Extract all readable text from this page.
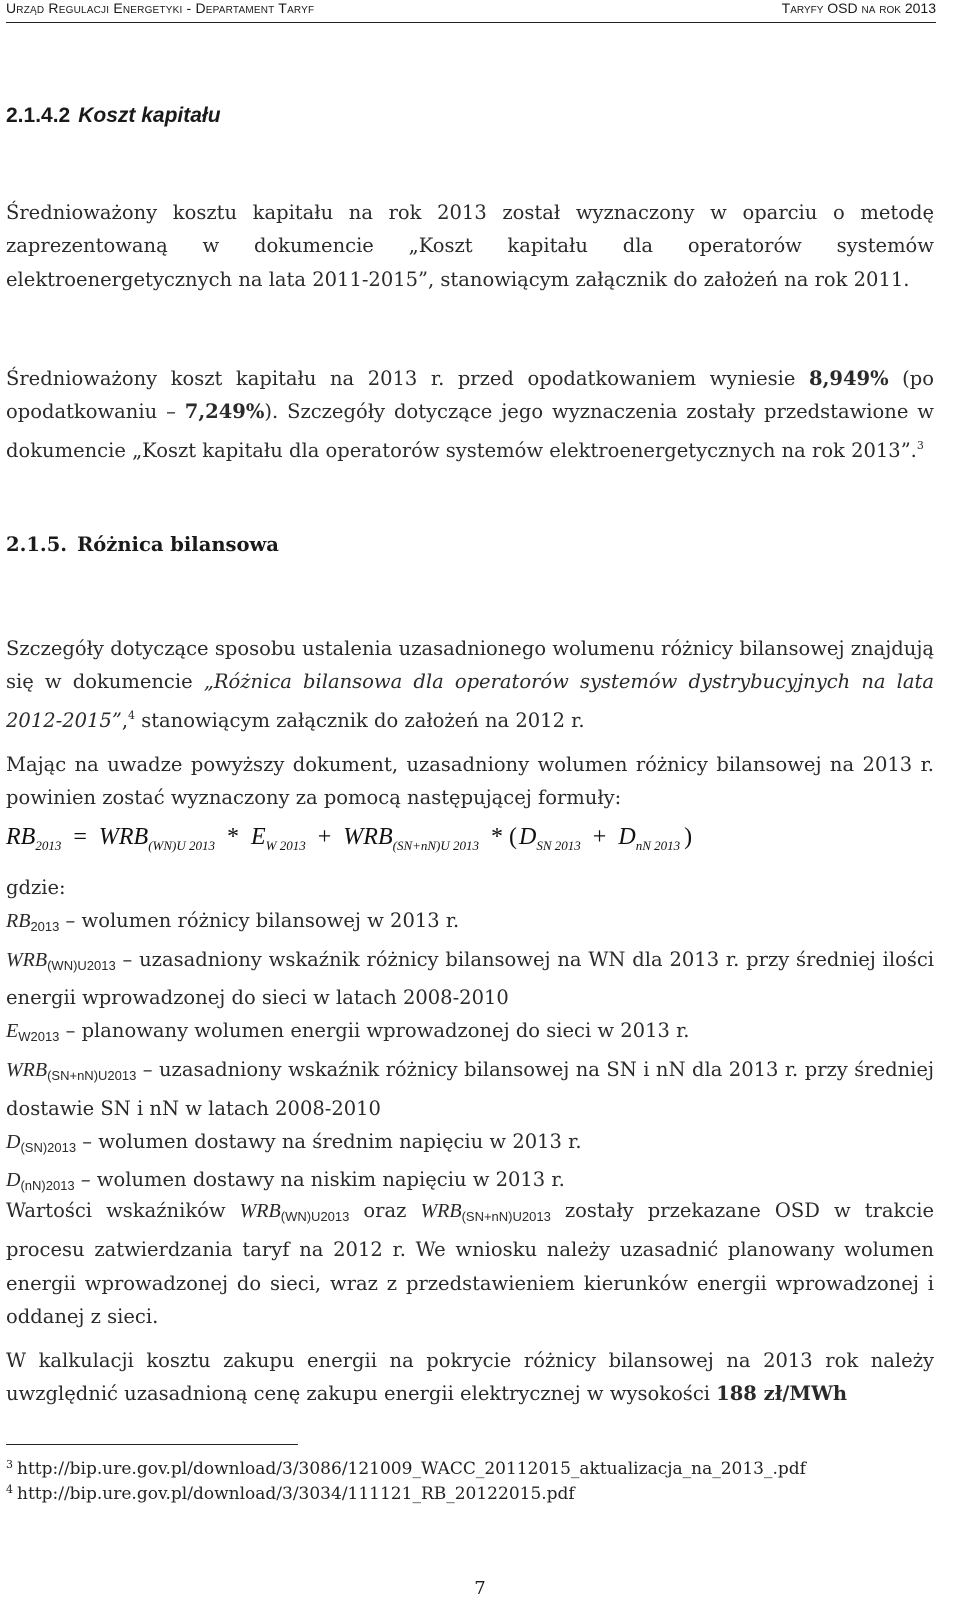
Urząd Regulacji Energetyki - Departament Taryf	Taryfy OSD na rok 2013
2.1.4.2 Koszt kapitału
Średnioważony kosztu kapitału na rok 2013 został wyznaczony w oparciu o metodę zaprezentowaną w dokumencie „Koszt kapitału dla operatorów systemów elektroenergetycznych na lata 2011-2015”, stanowiącym załącznik do założeń na rok 2011.
Średnioważony koszt kapitału na 2013 r. przed opodatkowaniem wyniesie 8,949% (po opodatkowaniu – 7,249%). Szczegóły dotyczące jego wyznaczenia zostały przedstawione w dokumencie „Koszt kapitału dla operatorów systemów elektroenergetycznych na rok 2013”.$^3$
2.1.5. Różnica bilansowa
Szczegóły dotyczące sposobu ustalenia uzasadnionego wolumenu różnicy bilansowej znajdują się w dokumencie „Różnica bilansowa dla operatorów systemów dystrybucyjnych na lata 2012-2015”,$^4$ stanowiącym załącznik do założeń na 2012 r.
Mając na uwadze powyższy dokument, uzasadniony wolumen różnicy bilansowej na 2013 r. powinien zostać wyznaczony za pomocą następującej formuły:
$RB_{2013} = WRB_{(WN)U 2013} * E_{W 2013} + WRB_{(SN+nN)U 2013} * (D_{SN 2013} + D_{nN 2013}$ )
gdzie:
$RB_{2013}$ – wolumen różnicy bilansowej w 2013 r.
$WRB_{(WN)U2013}$ – uzasadniony wskaźnik różnicy bilansowej na WN dla 2013 r. przy średniej ilości energii wprowadzonej do sieci w latach 2008-2010
$E_{W2013}$ – planowany wolumen energii wprowadzonej do sieci w 2013 r.
$WRB_{(SN+nN)U2013}$ – uzasadniony wskaźnik różnicy bilansowej na SN i nN dla 2013 r. przy średniej dostawie SN i nN w latach 2008-2010
$D_{(SN)2013}$ – wolumen dostawy na średnim napięciu w 2013 r.
$D_{(nN)2013}$ – wolumen dostawy na niskim napięciu w 2013 r.
Wartości wskaźników $WRB_{(WN)U2013}$ oraz $WRB_{(SN+nN)U2013}$ zostały przekazane OSD w trakcie procesu zatwierdzania taryf na 2012 r. We wniosku należy uzasadnić planowany wolumen energii wprowadzonej do sieci, wraz z przedstawieniem kierunków energii wprowadzonej i oddanej z sieci.
W kalkulacji kosztu zakupu energii na pokrycie różnicy bilansowej na 2013 rok należy uwzględnić uzasadnioną cenę zakupu energii elektrycznej w wysokości 188 zł/MWh
$^3$ http://bip.ure.gov.pl/download/3/3086/121009_WACC_20112015_aktualizacja_na_2013_.pdf
$^4$ http://bip.ure.gov.pl/download/3/3034/111121_RB_20122015.pdf
7
